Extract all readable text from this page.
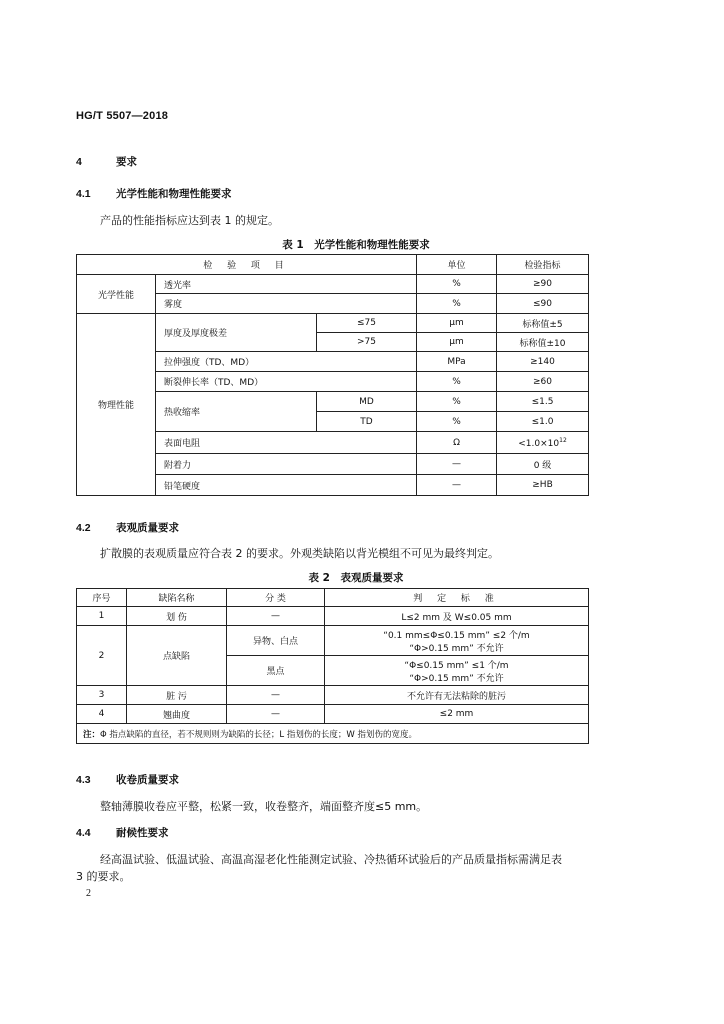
HG/T 5507—2018
4	要求
4.1 光学性能和物理性能要求
产品的性能指标应达到表 1 的规定。
表 1　光学性能和物理性能要求
检 验 项 目			单位	检验指标
光学性能	透光率		%	≥90
	雾度		%	≤90
物理性能	厚度及厚度极差	≤75	μm	标称值±5
		>75	μm	标称值±10
	拉伸强度（TD、MD）		MPa	≥140
	断裂伸长率（TD、MD）		%	≥60
	热收缩率	MD	%	≤1.5
		TD	%	≤1.0
	表面电阻		Ω	$<1.0\times 10^{12}$
	附着力		—	0 级
	铅笔硬度		—	≥HB
4.2 表观质量要求
扩散膜的表观质量应符合表 2 的要求。外观类缺陷以背光模组不可见为最终判定。
表 2　表观质量要求
序号	缺陷名称	分 类	判 定 标 准
1	划 伤	—	L≤2 mm 及 W≤0.05 mm
2	点缺陷	异物、白点	“0.1 mm≤Φ≤0.15 mm” ≤2 个/m
“Φ>0.15 mm” 不允许

		黑点	“Φ≤0.15 mm” ≤1 个/m
“Φ>0.15 mm” 不允许

3	脏 污	—	不允许有无法粘除的脏污
4	翘曲度	—	≤2 mm
注：Φ 指点缺陷的直径，若不规则则为缺陷的长径；L 指划伤的长度；W 指划伤的宽度。			
4.3 收卷质量要求
整轴薄膜收卷应平整，松紧一致，收卷整齐，端面整齐度≤5 mm。
4.4 耐候性要求
经高温试验、低温试验、高温高湿老化性能测定试验、冷热循环试验后的产品质量指标需满足表
3 的要求。
2
